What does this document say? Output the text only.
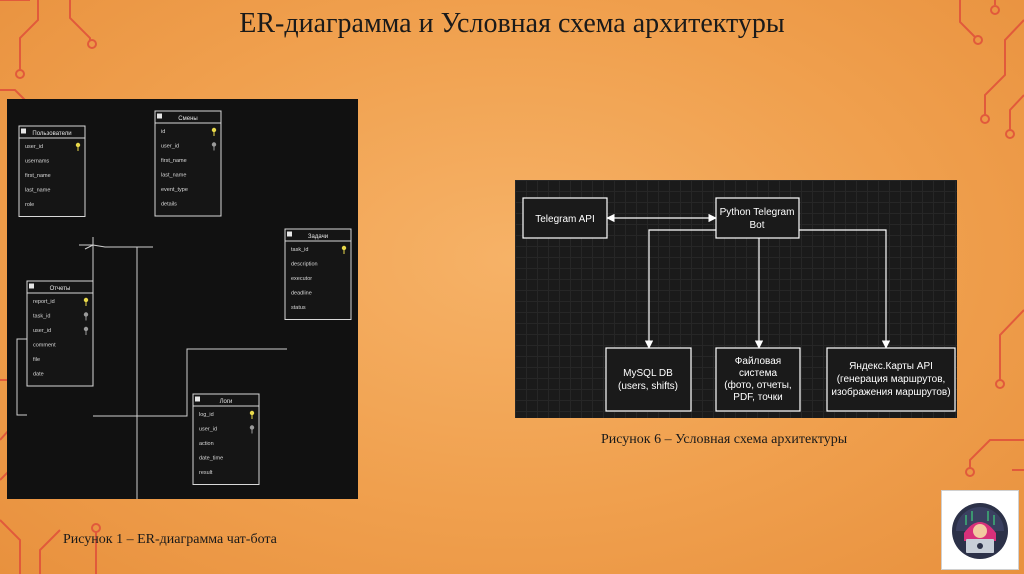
ER-диаграмма и Условная схема архитектуры
Пользователи
user_id
usernams
first_name
last_name
role
Смены
id
user_id
first_name
last_name
event_type
details
Задачи
task_id
description
executor
deadline
status
Отчеты
report_id
task_id
user_id
comment
file
date
Логи
log_id
user_id
action
date_time
result
Telegram API
Python Telegram
Bot
MySQL DB
(users, shifts)
Файловая
система
(фото, отчеты,
PDF, точки
Яндекс.Карты API
(генерация маршрутов,
изображения маршрутов)
Рисунок 1 – ER-диаграмма чат-бота
Рисунок 6 – Условная схема архитектуры
